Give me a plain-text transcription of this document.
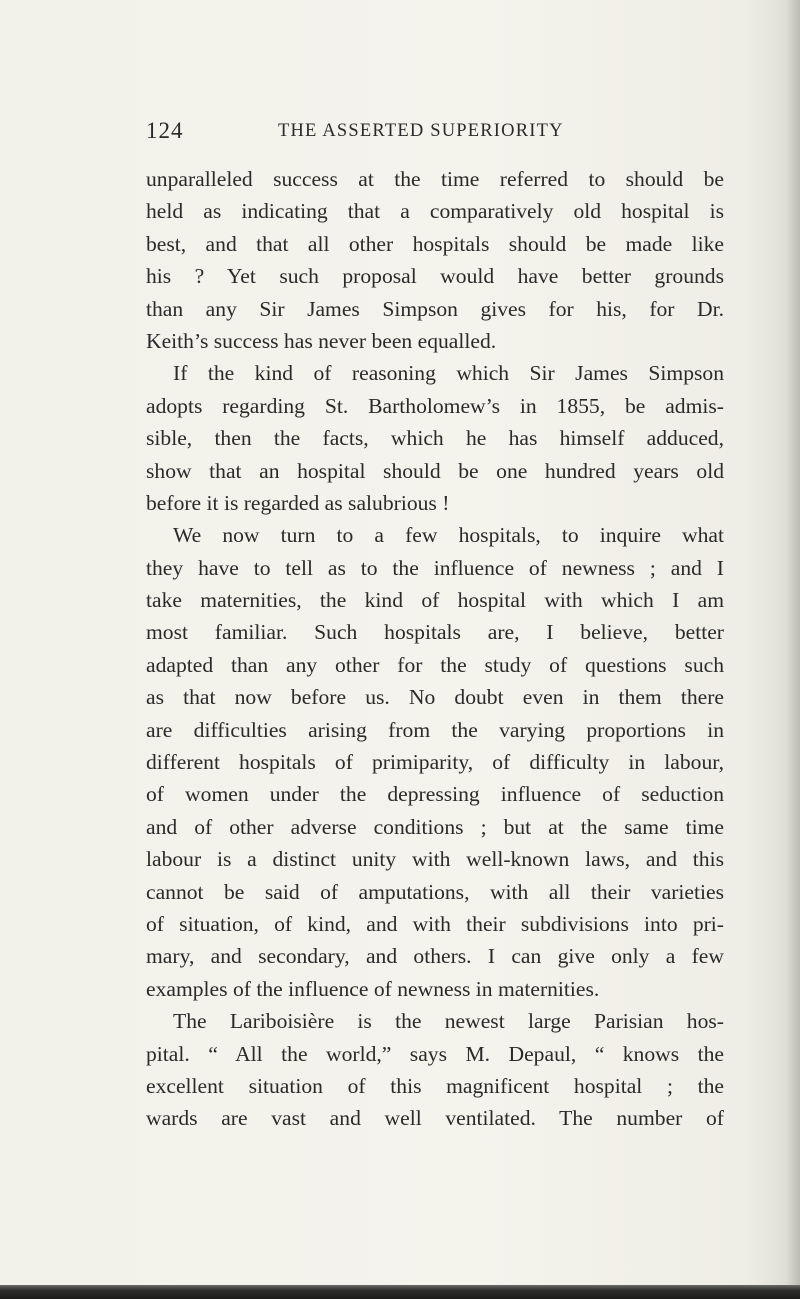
124	THE ASSERTED SUPERIORITY
unparalleled success at the time referred to should be
held as indicating that a comparatively old hospital is
best, and that all other hospitals should be made like
his ? Yet such proposal would have better grounds
than any Sir James Simpson gives for his, for Dr.
Keith’s success has never been equalled.
If the kind of reasoning which Sir James Simpson
adopts regarding St. Bartholomew’s in 1855, be admis-
sible, then the facts, which he has himself adduced,
show that an hospital should be one hundred years old
before it is regarded as salubrious !
We now turn to a few hospitals, to inquire what
they have to tell as to the influence of newness ; and I
take maternities, the kind of hospital with which I am
most familiar. Such hospitals are, I believe, better
adapted than any other for the study of questions such
as that now before us. No doubt even in them there
are difficulties arising from the varying proportions in
different hospitals of primiparity, of difficulty in labour,
of women under the depressing influence of seduction
and of other adverse conditions ; but at the same time
labour is a distinct unity with well-known laws, and this
cannot be said of amputations, with all their varieties
of situation, of kind, and with their subdivisions into pri-
mary, and secondary, and others. I can give only a few
examples of the influence of newness in maternities.
The Lariboisière is the newest large Parisian hos-
pital. “ All the world,” says M. Depaul, “ knows the
excellent situation of this magnificent hospital ; the
wards are vast and well ventilated. The number of
